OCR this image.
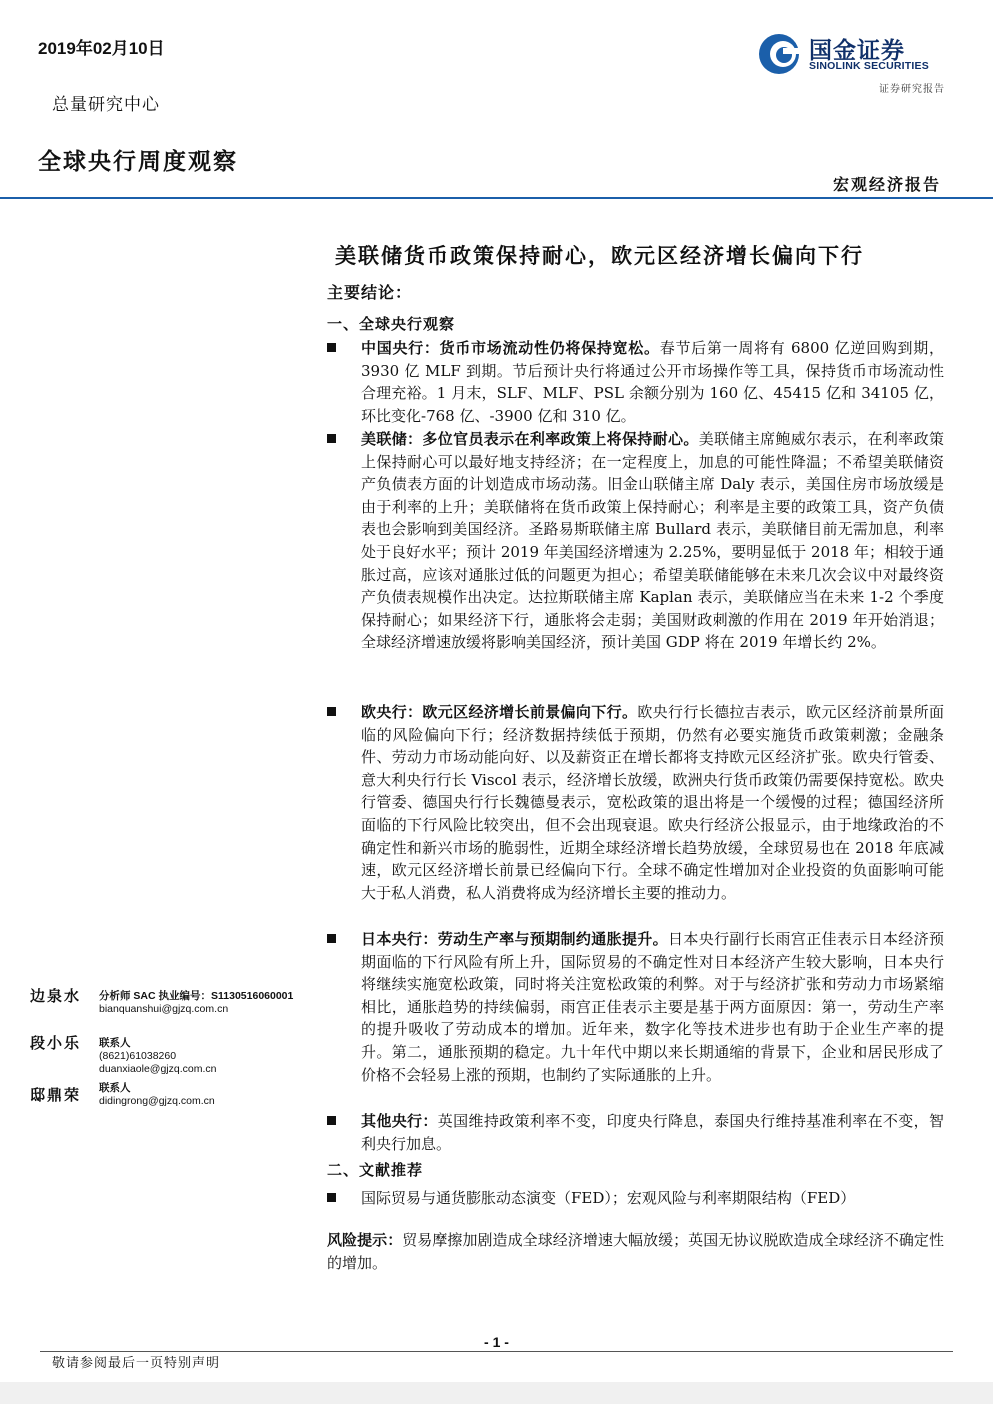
2019年02月10日
总量研究中心
全球央行周度观察
国金证券
SINOLINK SECURITIES
证券研究报告
宏观经济报告
美联储货币政策保持耐心，欧元区经济增长偏向下行
主要结论：
一、全球央行观察
中国央行：货币市场流动性仍将保持宽松。春节后第一周将有 6800 亿逆回购到期，3930 亿 MLF 到期。节后预计央行将通过公开市场操作等工具，保持货币市场流动性合理充裕。1 月末，SLF、MLF、PSL 余额分别为 160 亿、45415 亿和 34105 亿，环比变化-768 亿、-3900 亿和 310 亿。
美联储：多位官员表示在利率政策上将保持耐心。美联储主席鲍威尔表示，在利率政策上保持耐心可以最好地支持经济；在一定程度上，加息的可能性降温；不希望美联储资产负债表方面的计划造成市场动荡。旧金山联储主席 Daly 表示，美国住房市场放缓是由于利率的上升；美联储将在货币政策上保持耐心；利率是主要的政策工具，资产负债表也会影响到美国经济。圣路易斯联储主席 Bullard 表示，美联储目前无需加息，利率处于良好水平；预计 2019 年美国经济增速为 2.25%，要明显低于 2018 年；相较于通胀过高，应该对通胀过低的问题更为担心；希望美联储能够在未来几次会议中对最终资产负债表规模作出决定。达拉斯联储主席 Kaplan 表示，美联储应当在未来 1-2 个季度保持耐心；如果经济下行，通胀将会走弱；美国财政刺激的作用在 2019 年开始消退；全球经济增速放缓将影响美国经济，预计美国 GDP 将在 2019 年增长约 2%。
欧央行：欧元区经济增长前景偏向下行。欧央行行长德拉吉表示，欧元区经济前景所面临的风险偏向下行；经济数据持续低于预期，仍然有必要实施货币政策刺激；金融条件、劳动力市场动能向好、以及薪资正在增长都将支持欧元区经济扩张。欧央行管委、意大利央行行长 Viscol 表示，经济增长放缓，欧洲央行货币政策仍需要保持宽松。欧央行管委、德国央行行长魏德曼表示，宽松政策的退出将是一个缓慢的过程；德国经济所面临的下行风险比较突出，但不会出现衰退。欧央行经济公报显示，由于地缘政治的不确定性和新兴市场的脆弱性，近期全球经济增长趋势放缓，全球贸易也在 2018 年底减速，欧元区经济增长前景已经偏向下行。全球不确定性增加对企业投资的负面影响可能大于私人消费，私人消费将成为经济增长主要的推动力。
日本央行：劳动生产率与预期制约通胀提升。日本央行副行长雨宫正佳表示日本经济预期面临的下行风险有所上升，国际贸易的不确定性对日本经济产生较大影响，日本央行将继续实施宽松政策，同时将关注宽松政策的利弊。对于与经济扩张和劳动力市场紧缩相比，通胀趋势的持续偏弱，雨宫正佳表示主要是基于两方面原因：第一，劳动生产率的提升吸收了劳动成本的增加。近年来，数字化等技术进步也有助于企业生产率的提升。第二，通胀预期的稳定。九十年代中期以来长期通缩的背景下，企业和居民形成了价格不会轻易上涨的预期，也制约了实际通胀的上升。
其他央行：英国维持政策利率不变，印度央行降息，泰国央行维持基准利率在不变，智利央行加息。
二、文献推荐
国际贸易与通货膨胀动态演变（FED）；宏观风险与利率期限结构（FED）
风险提示：贸易摩擦加剧造成全球经济增速大幅放缓；英国无协议脱欧造成全球经济不确定性的增加。
边泉水 分析师 SAC 执业编号：S1130516060001
bianquanshui@gjzq.com.cn
段小乐 联系人
(8621)61038260
duanxiaole@gjzq.com.cn
邸鼎荣 联系人
didingrong@gjzq.com.cn
- 1 -
敬请参阅最后一页特别声明
